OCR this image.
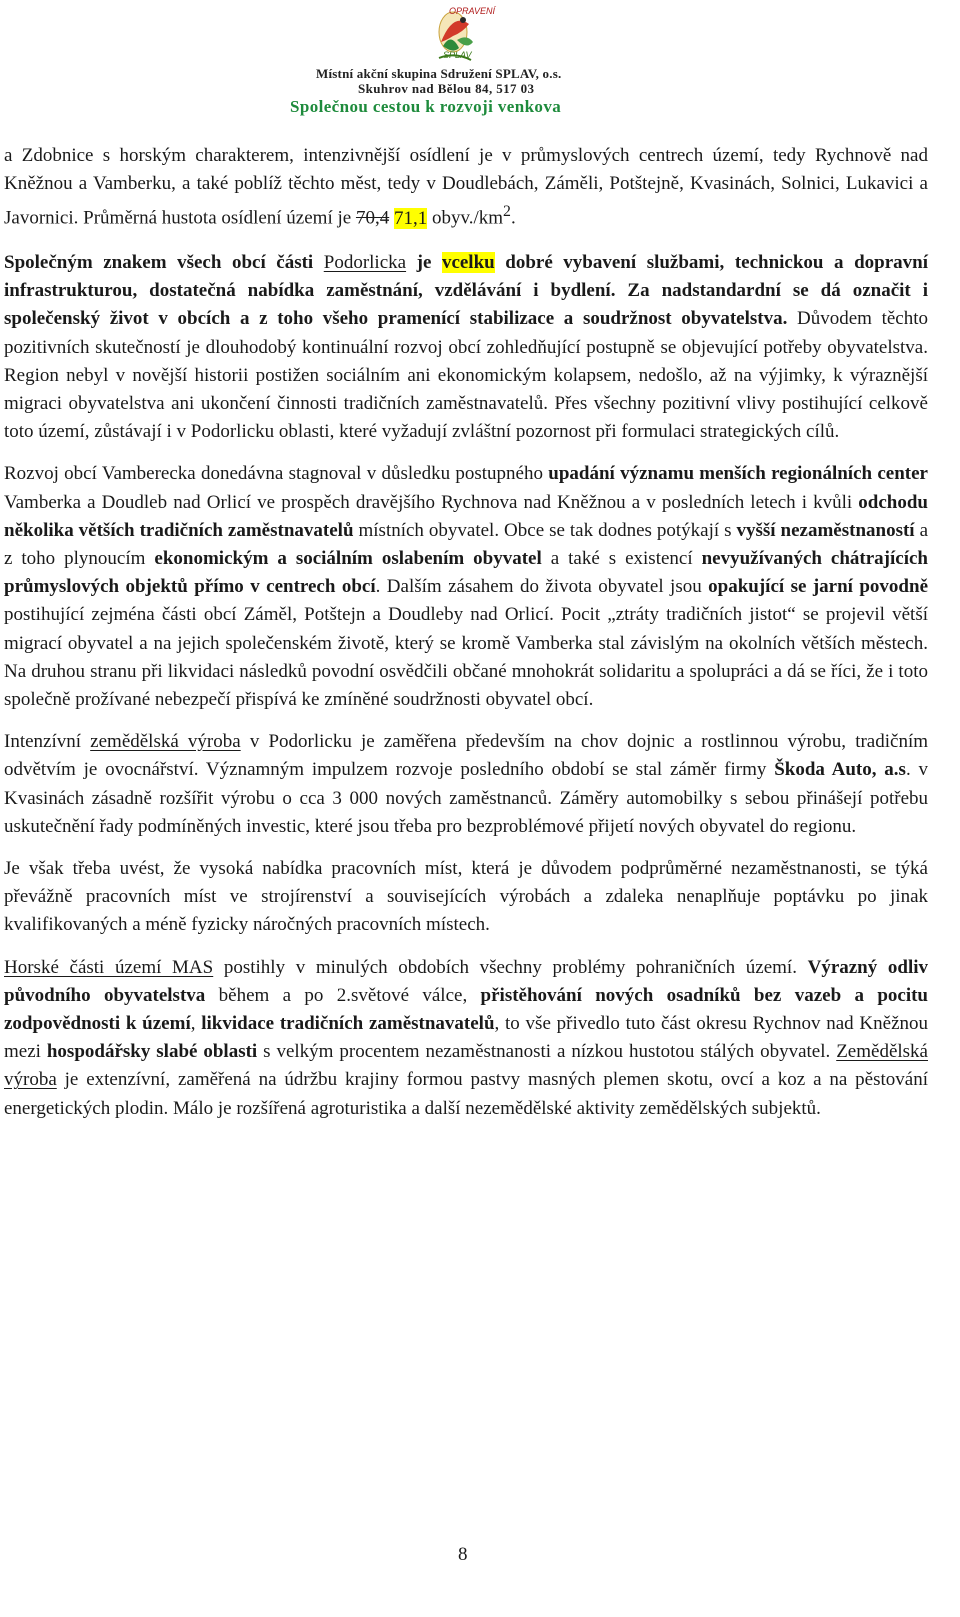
OPRAVENÍ
SPLAV
Místní akční skupina Sdružení SPLAV, o.s.
Skuhrov nad Bělou 84, 517 03
Společnou cestou k rozvoji venkova

a Zdobnice s horským charakterem, intenzivnější osídlení je v průmyslových centrech území, tedy Rychnově nad Kněžnou a Vamberku, a také poblíž těchto měst, tedy v Doudlebách, Záměli, Potštejně, Kvasinách, Solnici, Lukavici a Javornici. Průměrná hustota osídlení území je 70,4 71,1 $obyv./km^2$.

Společným znakem všech obcí části Podorlicka je vcelku dobré vybavení službami, technickou a dopravní infrastrukturou, dostatečná nabídka zaměstnání, vzdělávání i bydlení. Za nadstandardní se dá označit i společenský život v obcích a z toho všeho pramenící stabilizace a soudržnost obyvatelstva. Důvodem těchto pozitivních skutečností je dlouhodobý kontinuální rozvoj obcí zohledňující postupně se objevující potřeby obyvatelstva. Region nebyl v novější historii postižen sociálním ani ekonomickým kolapsem, nedošlo, až na výjimky, k výraznější migraci obyvatelstva ani ukončení činnosti tradičních zaměstnavatelů. Přes všechny pozitivní vlivy postihující celkově toto území, zůstávají i v Podorlicku oblasti, které vyžadují zvláštní pozornost při formulaci strategických cílů.

Rozvoj obcí Vamberecka donedávna stagnoval v důsledku postupného upadání významu menších regionálních center Vamberka a Doudleb nad Orlicí ve prospěch dravějšího Rychnova nad Kněžnou a v posledních letech i kvůli odchodu několika větších tradičních zaměstnavatelů místních obyvatel. Obce se tak dodnes potýkají s vyšší nezaměstnaností a z toho plynoucím ekonomickým a sociálním oslabením obyvatel a také s existencí nevyužívaných chátrajících průmyslových objektů přímo v centrech obcí. Dalším zásahem do života obyvatel jsou opakující se jarní povodně postihující zejména části obcí Záměl, Potštejn a Doudleby nad Orlicí. Pocit „ztráty tradičních jistot“ se projevil větší migrací obyvatel a na jejich společenském životě, který se kromě Vamberka stal závislým na okolních větších městech. Na druhou stranu při likvidaci následků povodní osvědčili občané mnohokrát solidaritu a spolupráci a dá se říci, že i toto společně prožívané nebezpečí přispívá ke zmíněné soudržnosti obyvatel obcí.

Intenzívní zemědělská výroba v Podorlicku je zaměřena především na chov dojnic a rostlinnou výrobu, tradičním odvětvím je ovocnářství. Významným impulzem rozvoje posledního období se stal záměr firmy Škoda Auto, a.s. v Kvasinách zásadně rozšířit výrobu o cca 3 000 nových zaměstnanců. Záměry automobilky s sebou přinášejí potřebu uskutečnění řady podmíněných investic, které jsou třeba pro bezproblémové přijetí nových obyvatel do regionu.

Je však třeba uvést, že vysoká nabídka pracovních míst, která je důvodem podprůměrné nezaměstnanosti, se týká převážně pracovních míst ve strojírenství a souvisejících výrobách a zdaleka nenaplňuje poptávku po jinak kvalifikovaných a méně fyzicky náročných pracovních místech.

Horské části území MAS postihly v minulých obdobích všechny problémy pohraničních území. Výrazný odliv původního obyvatelstva během a po 2.světové válce, přistěhování nových osadníků bez vazeb a pocitu zodpovědnosti k území, likvidace tradičních zaměstnavatelů, to vše přivedlo tuto část okresu Rychnov nad Kněžnou mezi hospodářsky slabé oblasti s velkým procentem nezaměstnanosti a nízkou hustotou stálých obyvatel. Zemědělská výroba je extenzívní, zaměřená na údržbu krajiny formou pastvy masných plemen skotu, ovcí a koz a na pěstování energetických plodin. Málo je rozšířená agroturistika a další nezemědělské aktivity zemědělských subjektů.

8
